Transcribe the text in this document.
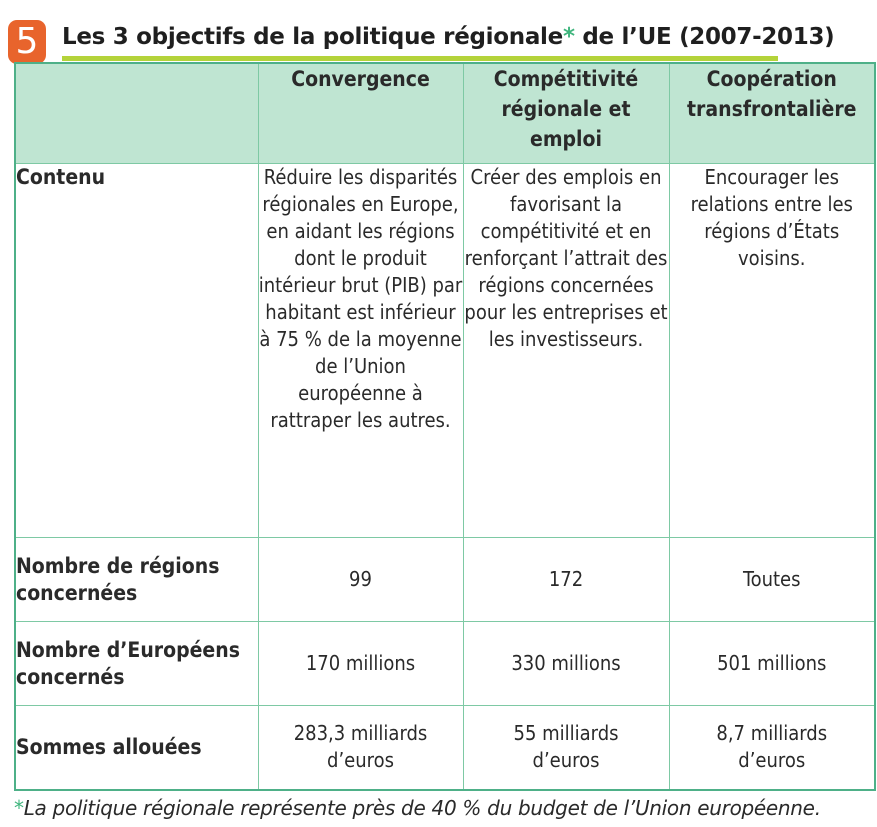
5	Les 3 objectifs de la politique régionale* de l’UE (2007-2013)
	Convergence	Compétitivité régionale et emploi	Coopération transfrontalière
Contenu	Réduire les disparités régionales en Europe, en aidant les régions dont le produit intérieur brut (PIB) par habitant est inférieur à 75 % de la moyenne de l’Union européenne à rattraper les autres.	Créer des emplois en favorisant la compétitivité et en renforçant l’attrait des régions concernées pour les entreprises et les investisseurs.	Encourager les relations entre les régions d’États voisins.
Nombre de régions concernées	99	172	Toutes
Nombre d’Européens concernés	170 millions	330 millions	501 millions
Sommes allouées	283,3 milliards d’euros	55 milliards d’euros	8,7 milliards d’euros
*La politique régionale représente près de 40 % du budget de l’Union européenne.
